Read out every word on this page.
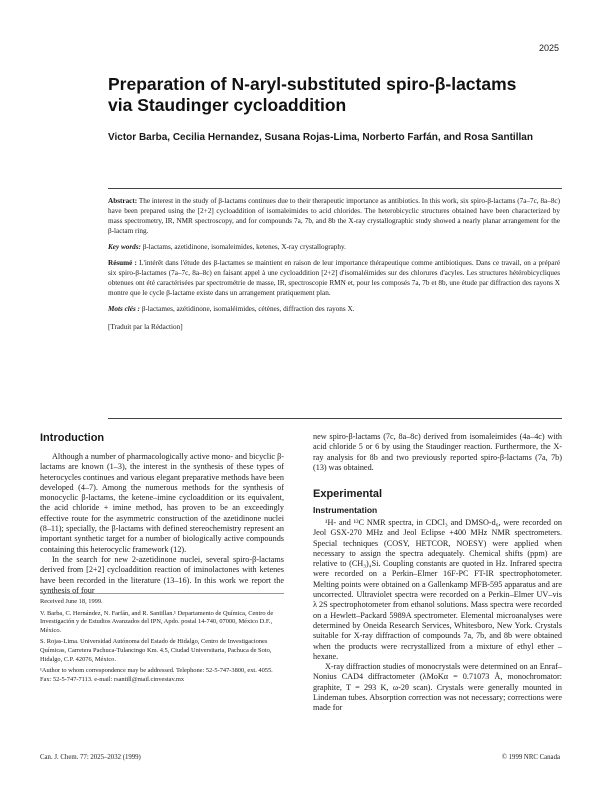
2025
Preparation of N-aryl-substituted spiro-β-lactams via Staudinger cycloaddition
Victor Barba, Cecilia Hernandez, Susana Rojas-Lima, Norberto Farfán, and Rosa Santillan

Abstract: The interest in the study of β-lactams continues due to their therapeutic importance as antibiotics. In this work, six spiro-β-lactams (7a–7c, 8a–8c) have been prepared using the [2+2] cycloaddition of isomaleimides to acid chlorides. The heterobicyclic structures obtained have been characterized by mass spectrometry, IR, NMR spectroscopy, and for compounds 7a, 7b, and 8b the X-ray crystallographic study showed a nearly planar arrangement for the β-lactam ring.

Key words: β-lactams, azetidinone, isomaleimides, ketenes, X-ray crystallography.

Résumé : L'intérêt dans l'étude des β-lactames se maintient en raison de leur importance thérapeutique comme antibiotiques. Dans ce travail, on a préparé six spiro-β-lactames (7a–7c, 8a–8c) en faisant appel à une cycloaddition [2+2] d'isomaléimides sur des chlorures d'acyles. Les structures hétérobicycliques obtenues ont été caractérisées par spectrométrie de masse, IR, spectroscopie RMN et, pour les composés 7a, 7b et 8b, une étude par diffraction des rayons X montre que le cycle β-lactame existe dans un arrangement pratiquement plan.

Mots clés : β-lactames, azétidinone, isomaléimides, cétènes, diffraction des rayons X.

[Traduit par la Rédaction]

Introduction

Although a number of pharmacologically active mono- and bicyclic β-lactams are known (1–3), the interest in the synthesis of these types of heterocycles continues and various elegant preparative methods have been developed (4–7). Among the numerous methods for the synthesis of monocyclic β-lactams, the ketene–imine cycloaddition or its equivalent, the acid chloride + imine method, has proven to be an exceedingly effective route for the asymmetric construction of the azetidinone nuclei (8–11); specially, the β-lactams with defined stereochemistry represent an important synthetic target for a number of biologically active compounds containing this heterocyclic framework (12).

In the search for new 2-azetidinone nuclei, several spiro-β-lactams derived from [2+2] cycloaddition reaction of iminolactones with ketenes have been recorded in the literature (13–16). In this work we report the synthesis of four

Received June 18, 1999.

V. Barba, C. Hernández, N. Farfán, and R. Santillan.¹ Departamento de Química, Centro de Investigación y de Estudios Avanzados del IPN, Apdo. postal 14-740, 07000, México D.F., México.

S. Rojas-Lima. Universidad Autónoma del Estado de Hidalgo, Centro de Investigaciones Químicas, Carretera Pachuca-Tulancingo Km. 4.5, Ciudad Universitaria, Pachuca de Soto, Hidalgo, C.P. 42076, México.

¹Author to whom correspondence may be addressed. Telephone: 52-5-747-3800, ext. 4055. Fax: 52-5-747-7113. e-mail: rsantill@mail.cinvestav.mx

new spiro-β-lactams (7c, 8a–8c) derived from isomaleimides (4a–4c) with acid chloride 5 or 6 by using the Staudinger reaction. Furthermore, the X-ray analysis for 8b and two previously reported spiro-β-lactams (7a, 7b) (13) was obtained.

Experimental
Instrumentation

¹H- and ¹³C NMR spectra, in CDCl₃ and DMSO-d₆, were recorded on Jeol GSX-270 MHz and Jeol Eclipse +400 MHz NMR spectrometers. Special techniques (COSY, HETCOR, NOESY) were applied when necessary to assign the spectra adequately. Chemical shifts (ppm) are relative to (CH₃)₄Si. Coupling constants are quoted in Hz. Infrared spectra were recorded on a Perkin–Elmer 16F-PC FT-IR spectrophotometer. Melting points were obtained on a Gallenkamp MFB-595 apparatus and are uncorrected. Ultraviolet spectra were recorded on a Perkin–Elmer UV–vis λ 2S spectrophotometer from ethanol solutions. Mass spectra were recorded on a Hewlett–Packard 5989A spectrometer. Elemental microanalyses were determined by Oneida Research Services, Whitesboro, New York. Crystals suitable for X-ray diffraction of compounds 7a, 7b, and 8b were obtained when the products were recrystallized from a mixture of ethyl ether – hexane.

X-ray diffraction studies of monocrystals were determined on an Enraf–Nonius CAD4 diffractometer (λMoKα = 0.71073 Å, monochromator: graphite, T = 293 K, ω-2θ scan). Crystals were generally mounted in Lindeman tubes. Absorption correction was not necessary; corrections were made for

Can. J. Chem. 77: 2025–2032 (1999)	© 1999 NRC Canada
